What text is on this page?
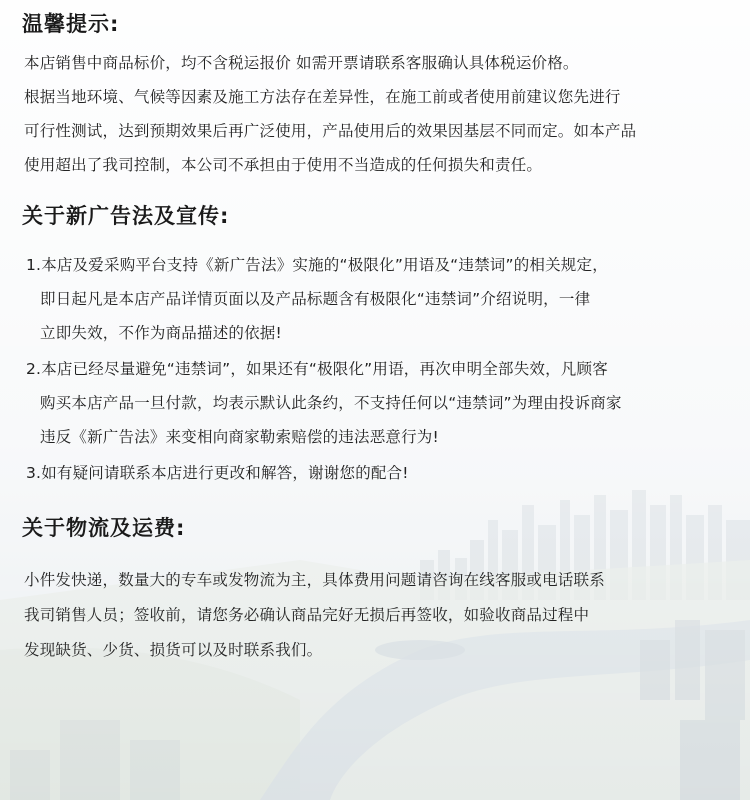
温馨提示:
本店销售中商品标价，均不含税运报价 如需开票请联系客服确认具体税运价格。
根据当地环境、气候等因素及施工方法存在差异性，在施工前或者使用前建议您先进行
可行性测试，达到预期效果后再广泛使用，产品使用后的效果因基层不同而定。如本产品
使用超出了我司控制，本公司不承担由于使用不当造成的任何损失和责任。
关于新广告法及宣传:
1.本店及爱采购平台支持《新广告法》实施的“极限化”用语及“违禁词”的相关规定，
即日起凡是本店产品详情页面以及产品标题含有极限化“违禁词”介绍说明，一律
立即失效，不作为商品描述的依据!
2.本店已经尽量避免“违禁词”，如果还有“极限化”用语，再次申明全部失效，凡顾客
购买本店产品一旦付款，均表示默认此条约，不支持任何以“违禁词”为理由投诉商家
违反《新广告法》来变相向商家勒索赔偿的违法恶意行为!
3.如有疑问请联系本店进行更改和解答，谢谢您的配合!
关于物流及运费:
小件发快递，数量大的专车或发物流为主，具体费用问题请咨询在线客服或电话联系
我司销售人员；签收前，请您务必确认商品完好无损后再签收，如验收商品过程中
发现缺货、少货、损货可以及时联系我们。
